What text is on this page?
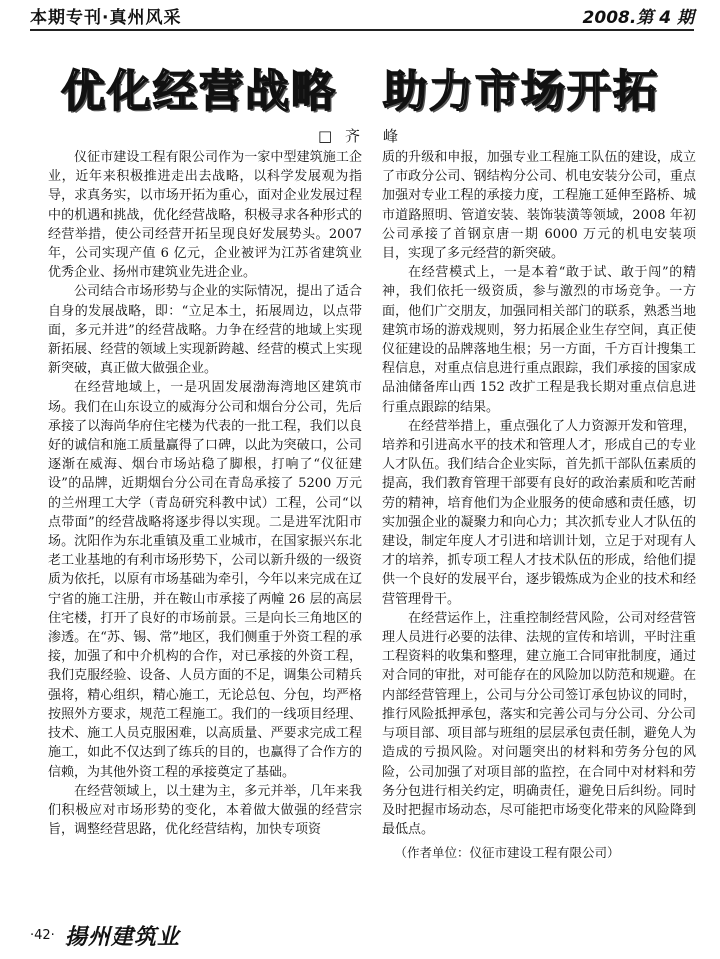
本期专刊·真州风采	2008.第 4 期
优化经营战略　助力市场开拓
□ 齐　峰

仪征市建设工程有限公司作为一家中型建筑施工企业，近年来积极推进走出去战略，以科学发展观为指导，求真务实，以市场开拓为重心，面对企业发展过程中的机遇和挑战，优化经营战略，积极寻求各种形式的经营举措，使公司经营开拓呈现良好发展势头。2007 年，公司实现产值 6 亿元，企业被评为江苏省建筑业优秀企业、扬州市建筑业先进企业。

公司结合市场形势与企业的实际情况，提出了适合自身的发展战略，即：“立足本土，拓展周边，以点带面，多元并进”的经营战略。力争在经营的地域上实现新拓展、经营的领域上实现新跨越、经营的模式上实现新突破，真正做大做强企业。

在经营地域上，一是巩固发展渤海湾地区建筑市场。我们在山东设立的威海分公司和烟台分公司，先后承接了以海尚华府住宅楼为代表的一批工程，我们以良好的诚信和施工质量赢得了口碑，以此为突破口，公司逐渐在威海、烟台市场站稳了脚根，打响了“仪征建设”的品牌，近期烟台分公司在青岛承接了 5200 万元的兰州理工大学（青岛研究科教中试）工程，公司“以点带面”的经营战略将逐步得以实现。二是进军沈阳市场。沈阳作为东北重镇及重工业城市，在国家振兴东北老工业基地的有利市场形势下，公司以新升级的一级资质为依托，以原有市场基础为牵引，今年以来完成在辽宁省的施工注册，并在鞍山市承接了两幢 26 层的高层住宅楼，打开了良好的市场前景。三是向长三角地区的渗透。在“苏、锡、常”地区，我们侧重于外资工程的承接，加强了和中介机构的合作，对已承接的外资工程，我们克服经验、设备、人员方面的不足，调集公司精兵强将，精心组织，精心施工，无论总包、分包，均严格按照外方要求，规范工程施工。我们的一线项目经理、技术、施工人员克服困难，以高质量、严要求完成工程施工，如此不仅达到了练兵的目的，也赢得了合作方的信赖，为其他外资工程的承接奠定了基础。

在经营领域上，以土建为主，多元并举，几年来我们积极应对市场形势的变化，本着做大做强的经营宗旨，调整经营思路，优化经营结构，加快专项资

质的升级和申报，加强专业工程施工队伍的建设，成立了市政分公司、钢结构分公司、机电安装分公司，重点加强对专业工程的承接力度，工程施工延伸至路桥、城市道路照明、管道安装、装饰装潢等领域，2008 年初公司承接了首钢京唐一期 6000 万元的机电安装项目，实现了多元经营的新突破。

在经营模式上，一是本着“敢于试、敢于闯”的精神，我们依托一级资质，参与激烈的市场竞争。一方面，他们广交朋友，加强同相关部门的联系，熟悉当地建筑市场的游戏规则，努力拓展企业生存空间，真正使仪征建设的品牌落地生根；另一方面，千方百计搜集工程信息，对重点信息进行重点跟踪，我们承接的国家成品油储备库山西 152 改扩工程是我长期对重点信息进行重点跟踪的结果。

在经营举措上，重点强化了人力资源开发和管理，培养和引进高水平的技术和管理人才，形成自己的专业人才队伍。我们结合企业实际，首先抓干部队伍素质的提高，我们教育管理干部要有良好的政治素质和吃苦耐劳的精神，培育他们为企业服务的使命感和责任感，切实加强企业的凝聚力和向心力；其次抓专业人才队伍的建设，制定年度人才引进和培训计划，立足于对现有人才的培养，抓专项工程人才技术队伍的形成，给他们提供一个良好的发展平台，逐步锻炼成为企业的技术和经营管理骨干。

在经营运作上，注重控制经营风险，公司对经营管理人员进行必要的法律、法规的宣传和培训，平时注重工程资料的收集和整理，建立施工合同审批制度，通过对合同的审批，对可能存在的风险加以防范和规避。在内部经营管理上，公司与分公司签订承包协议的同时，推行风险抵押承包，落实和完善公司与分公司、分公司与项目部、项目部与班组的层层承包责任制，避免人为造成的亏损风险。对问题突出的材料和劳务分包的风险，公司加强了对项目部的监控，在合同中对材料和劳务分包进行相关约定，明确责任，避免日后纠纷。同时及时把握市场动态，尽可能把市场变化带来的风险降到最低点。

（作者单位：仪征市建设工程有限公司）

·42· 揚州建筑业
